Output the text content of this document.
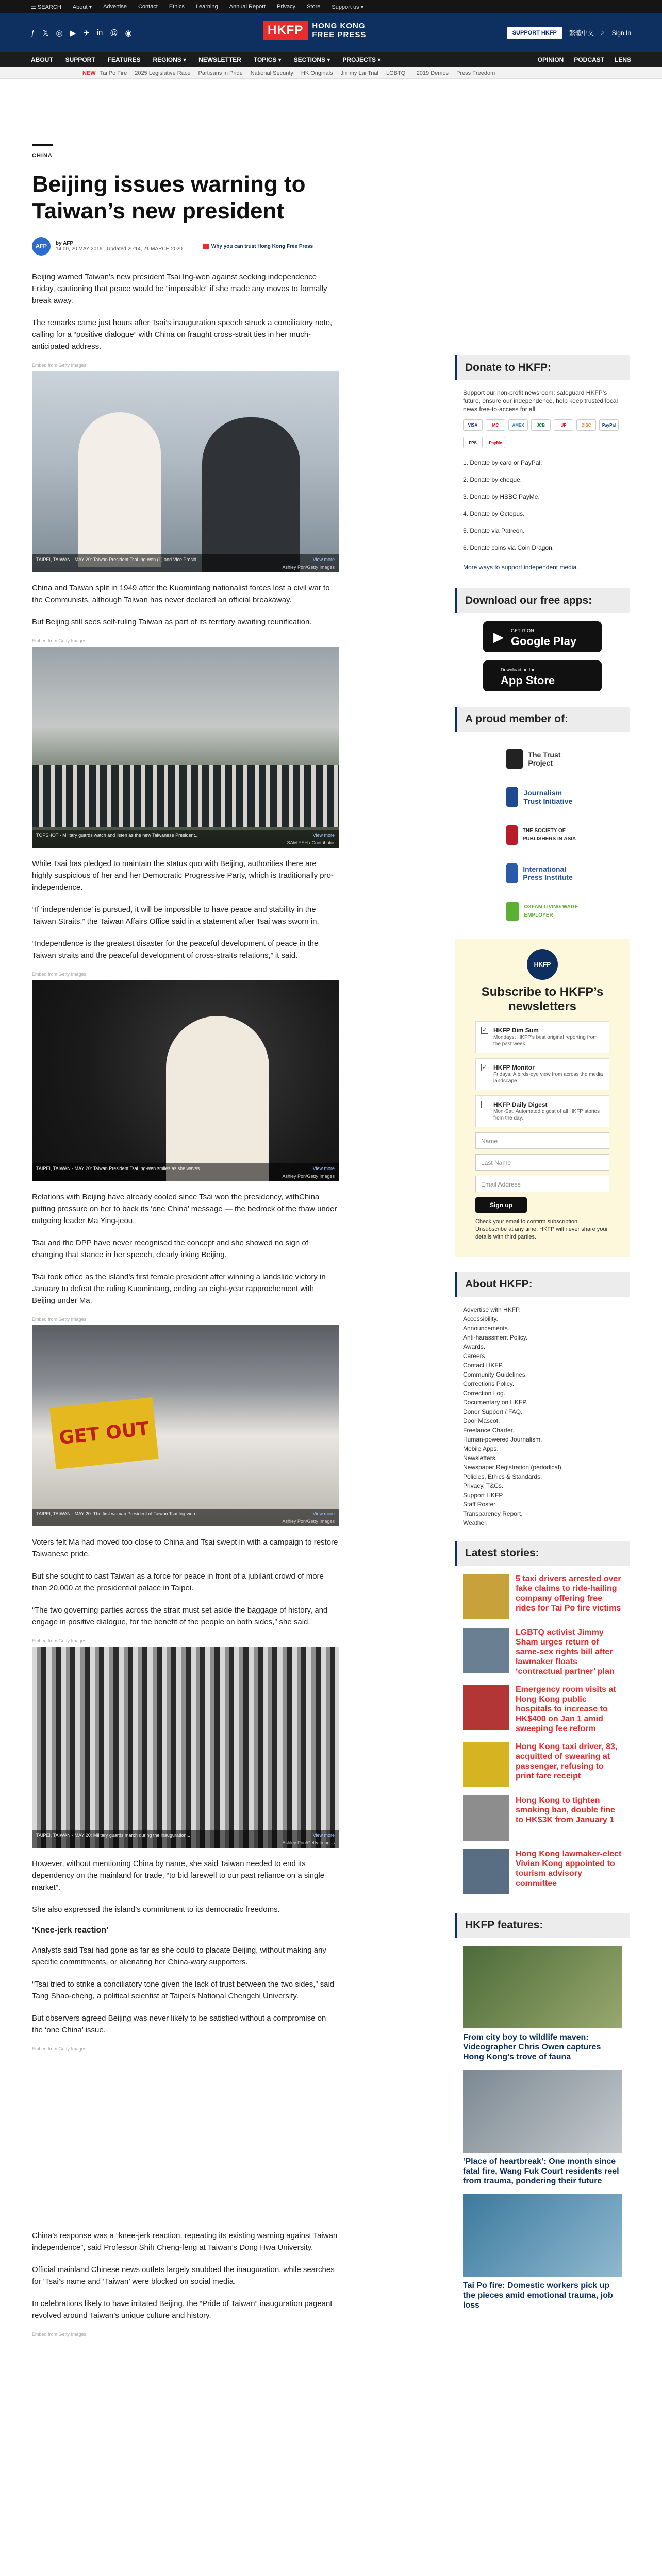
☰ SEARCH About ▾ Advertise Contact Ethics Learning Annual Report Privacy Store Support us ▾
ƒ 𝕏 ◎ ▶ ✈ in @ ◉	HKFP	HONG KONG
FREE PRESS	SUPPORT HKFP	繁體中文 ⌕ Sign In
ABOUT SUPPORT FEATURES REGIONS ▾ NEWSLETTER TOPICS ▾ SECTIONS ▾ PROJECTS ▾	OPINION PODCAST LENS
NEW Tai Po Fire 2025 Legislative Race Partisans in Pride National Security HK Originals Jimmy Lai Trial LGBTQ+ 2019 Demos Press Freedom
CHINA
Beijing issues warning to Taiwan’s new president
AFP	by AFP
14:00, 20 MAY 2016 Updated 20:14, 21 MARCH 2020	Why you can trust Hong Kong Free Press

Beijing warned Taiwan’s new president Tsai Ing-wen against seeking independence Friday, cautioning that peace would be “impossible” if she made any moves to formally break away.

The remarks came just hours after Tsai’s inauguration speech struck a conciliatory note, calling for a “positive dialogue” with China on fraught cross-strait ties in her much-anticipated address.

Embed from Getty Images
TAIPEI, TAIWAN - MAY 20: Taiwan President Tsai Ing-wen (L) and Vice Presid...	View more
Ashley Pon/Getty Images

China and Taiwan split in 1949 after the Kuomintang nationalist forces lost a civil war to the Communists, although Taiwan has never declared an official breakaway.

But Beijing still sees self-ruling Taiwan as part of its territory awaiting reunification.

Embed from Getty Images
TOPSHOT - Military guards watch and listen as the new Taiwanese President...	View more
SAM YEH / Contributor

While Tsai has pledged to maintain the status quo with Beijing, authorities there are highly suspicious of her and her Democratic Progressive Party, which is traditionally pro-independence.

“If ‘independence’ is pursued, it will be impossible to have peace and stability in the Taiwan Straits,” the Taiwan Affairs Office said in a statement after Tsai was sworn in.

“Independence is the greatest disaster for the peaceful development of peace in the Taiwan straits and the peaceful development of cross-straits relations,” it said.

Embed from Getty Images
TAIPEI, TAIWAN - MAY 20: Taiwan President Tsai Ing-wen smiles as she waves...	View more
Ashley Pon/Getty Images

Relations with Beijing have already cooled since Tsai won the presidency, withChina putting pressure on her to back its ‘one China’ message — the bedrock of the thaw under outgoing leader Ma Ying-jeou.

Tsai and the DPP have never recognised the concept and she showed no sign of changing that stance in her speech, clearly irking Beijing.

Tsai took office as the island’s first female president after winning a landslide victory in January to defeat the ruling Kuomintang, ending an eight-year rapprochement with Beijing under Ma.

Embed from Getty Images
GET OUT
TAIPEI, TAIWAN - MAY 20: The first woman President of Taiwan Tsai Ing-wen...	View more
Ashley Pon/Getty Images

Voters felt Ma had moved too close to China and Tsai swept in with a campaign to restore Taiwanese pride.

But she sought to cast Taiwan as a force for peace in front of a jubilant crowd of more than 20,000 at the presidential palace in Taipei.

“The two governing parties across the strait must set aside the baggage of history, and engage in positive dialogue, for the benefit of the people on both sides,” she said.

Embed from Getty Images
TAIPEI, TAIWAN - MAY 20: Military guards march during the inauguration...	View more
Ashley Pon/Getty Images

However, without mentioning China by name, she said Taiwan needed to end its dependency on the mainland for trade, “to bid farewell to our past reliance on a single market”.

She also expressed the island’s commitment to its democratic freedoms.

‘Knee-jerk reaction’

Analysts said Tsai had gone as far as she could to placate Beijing, without making any specific commitments, or alienating her China-wary supporters.

“Tsai tried to strike a conciliatory tone given the lack of trust between the two sides,” said Tang Shao-cheng, a political scientist at Taipei’s National Chengchi University.

But observers agreed Beijing was never likely to be satisfied without a compromise on the ‘one China’ issue.

Embed from Getty Images

China’s response was a “knee-jerk reaction, repeating its existing warning against Taiwan independence”, said Professor Shih Cheng-feng at Taiwan’s Dong Hwa University.

Official mainland Chinese news outlets largely snubbed the inauguration, while searches for ‘Tsai’s name and ‘Taiwan’ were blocked on social media.

In celebrations likely to have irritated Beijing, the “Pride of Taiwan” inauguration pageant revolved around Taiwan’s unique culture and history.

Embed from Getty Images
Donate to HKFP:
Support our non-profit newsroom: safeguard HKFP’s future, ensure our independence, help keep trusted local news free-to-access for all.
VISA	MC	AMEX	JCB	UP	DISC	PayPal
FPS	PayMe
1. Donate by card or PayPal.
2. Donate by cheque.
3. Donate by HSBC PayMe.
4. Donate by Octopus.
5. Donate via Patreon.
6. Donate coins via Coin Dragon.
More ways to support independent media.
Download our free apps:
▶ GET IT ON
Google Play
Download on the
App Store
A proud member of:
The Trust Project
Journalism Trust Initiative
THE SOCIETY OF PUBLISHERS IN ASIA
International Press Institute
OXFAM LIVING WAGE EMPLOYER
HKFP
Subscribe to HKFP’s newsletters
✓ HKFP Dim Sum
Mondays: HKFP’s best original reporting from the past week.
✓ HKFP Monitor
Fridays: A birds-eye view from across the media landscape.
HKFP Daily Digest
Mon-Sat: Automated digest of all HKFP stories from the day.
Name
Last Name
Email Address
Sign up
Check your email to confirm subscription. Unsubscribe at any time. HKFP will never share your details with third parties.
About HKFP:
Advertise with HKFP.
Accessibility.
Announcements.
Anti-harassment Policy.
Awards.
Careers.
Contact HKFP.
Community Guidelines.
Corrections Policy.
Correction Log.
Documentary on HKFP.
Donor Support / FAQ.
Door Mascot.
Freelance Charter.
Human-powered Journalism.
Mobile Apps.
Newsletters.
Newspaper Registration (periodical).
Policies, Ethics & Standards.
Privacy, T&Cs.
Support HKFP.
Staff Roster.
Transparency Report.
Weather.
Latest stories:
5 taxi drivers arrested over fake claims to ride-hailing company offering free rides for Tai Po fire victims
LGBTQ activist Jimmy Sham urges return of same-sex rights bill after lawmaker floats ‘contractual partner’ plan
Emergency room visits at Hong Kong public hospitals to increase to HK$400 on Jan 1 amid sweeping fee reform
Hong Kong taxi driver, 83, acquitted of swearing at passenger, refusing to print fare receipt
Hong Kong to tighten smoking ban, double fine to HK$3K from January 1
Hong Kong lawmaker-elect Vivian Kong appointed to tourism advisory committee
HKFP features:
From city boy to wildlife maven: Videographer Chris Owen captures Hong Kong’s trove of fauna
‘Place of heartbreak’: One month since fatal fire, Wang Fuk Court residents reel from trauma, pondering their future
Tai Po fire: Domestic workers pick up the pieces amid emotional trauma, job loss
